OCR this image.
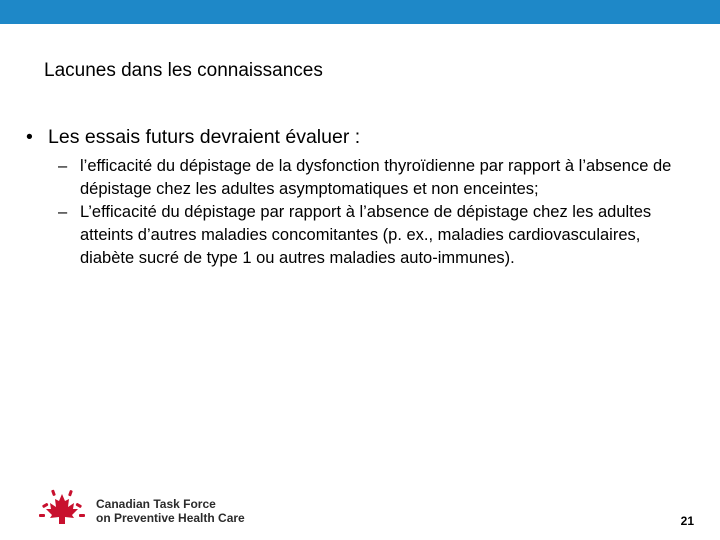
Lacunes dans les connaissances
• Les essais futurs devraient évaluer :
– l’efficacité du dépistage de la dysfonction thyroïdienne par rapport à l’absence de dépistage chez les adultes asymptomatiques et non enceintes;
– L’efficacité du dépistage par rapport à l’absence de dépistage chez les adultes atteints d’autres maladies concomitantes (p. ex., maladies cardiovasculaires, diabète sucré de type 1 ou autres maladies auto-immunes).
Canadian Task Force
on Preventive Health Care	21
